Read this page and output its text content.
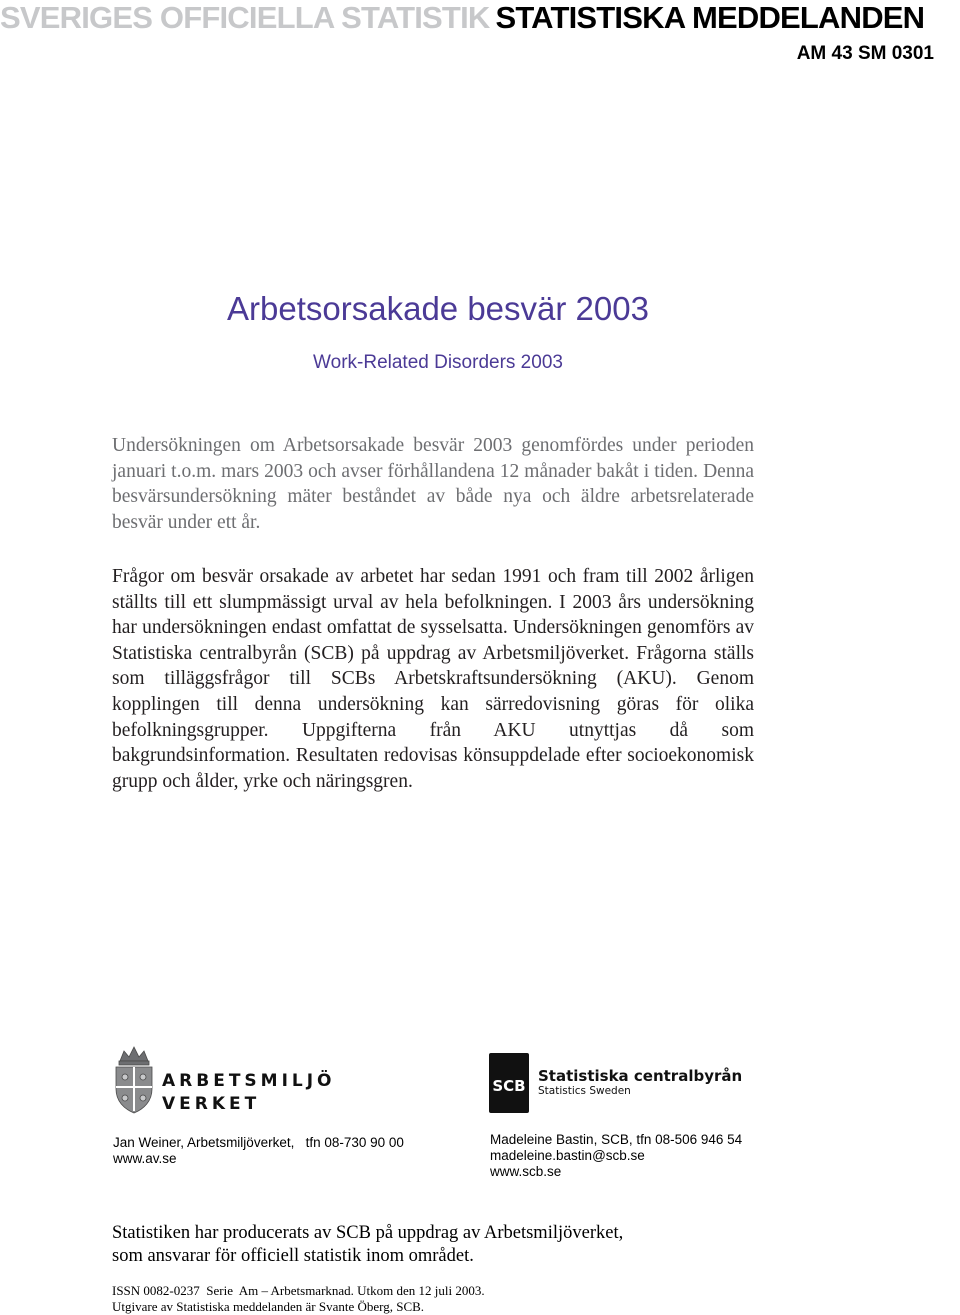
SVERIGES OFFICIELLA STATISTIK STATISTISKA MEDDELANDEN
AM 43 SM 0301
Arbetsorsakade besvär 2003
Work-Related Disorders 2003

Undersökningen om Arbetsorsakade besvär 2003 genomfördes under perioden januari t.o.m. mars 2003 och avser förhållandena 12 månader bakåt i tiden. Denna besvärsundersökning mäter beståndet av både nya och äldre arbetsrelaterade besvär under ett år.

Frågor om besvär orsakade av arbetet har sedan 1991 och fram till 2002 årligen ställts till ett slumpmässigt urval av hela befolkningen. I 2003 års undersökning har undersökningen endast omfattat de sysselsatta. Undersökningen genomförs av Statistiska centralbyrån (SCB) på uppdrag av Arbetsmiljöverket. Frågorna ställs som tilläggsfrågor till SCBs Arbetskraftsundersökning (AKU). Genom kopplingen till denna undersökning kan särredovisning göras för olika befolkningsgrupper. Uppgifterna från AKU utnyttjas då som bakgrundsinformation. Resultaten redovisas könsuppdelade efter socioekonomisk grupp och ålder, yrke och näringsgren.

ARBETSMILJÖ
VERKET
SCB
Statistiska centralbyrån
Statistics Sweden
Jan Weiner, Arbetsmiljöverket,   tfn 08-730 90 00
www.av.se
Madeleine Bastin, SCB, tfn 08-506 946 54
madeleine.bastin@scb.se
www.scb.se
Statistiken har producerats av SCB på uppdrag av Arbetsmiljöverket,
som ansvarar för officiell statistik inom området.
ISSN 0082-0237  Serie  Am – Arbetsmarknad. Utkom den 12 juli 2003.
Utgivare av Statistiska meddelanden är Svante Öberg, SCB.
